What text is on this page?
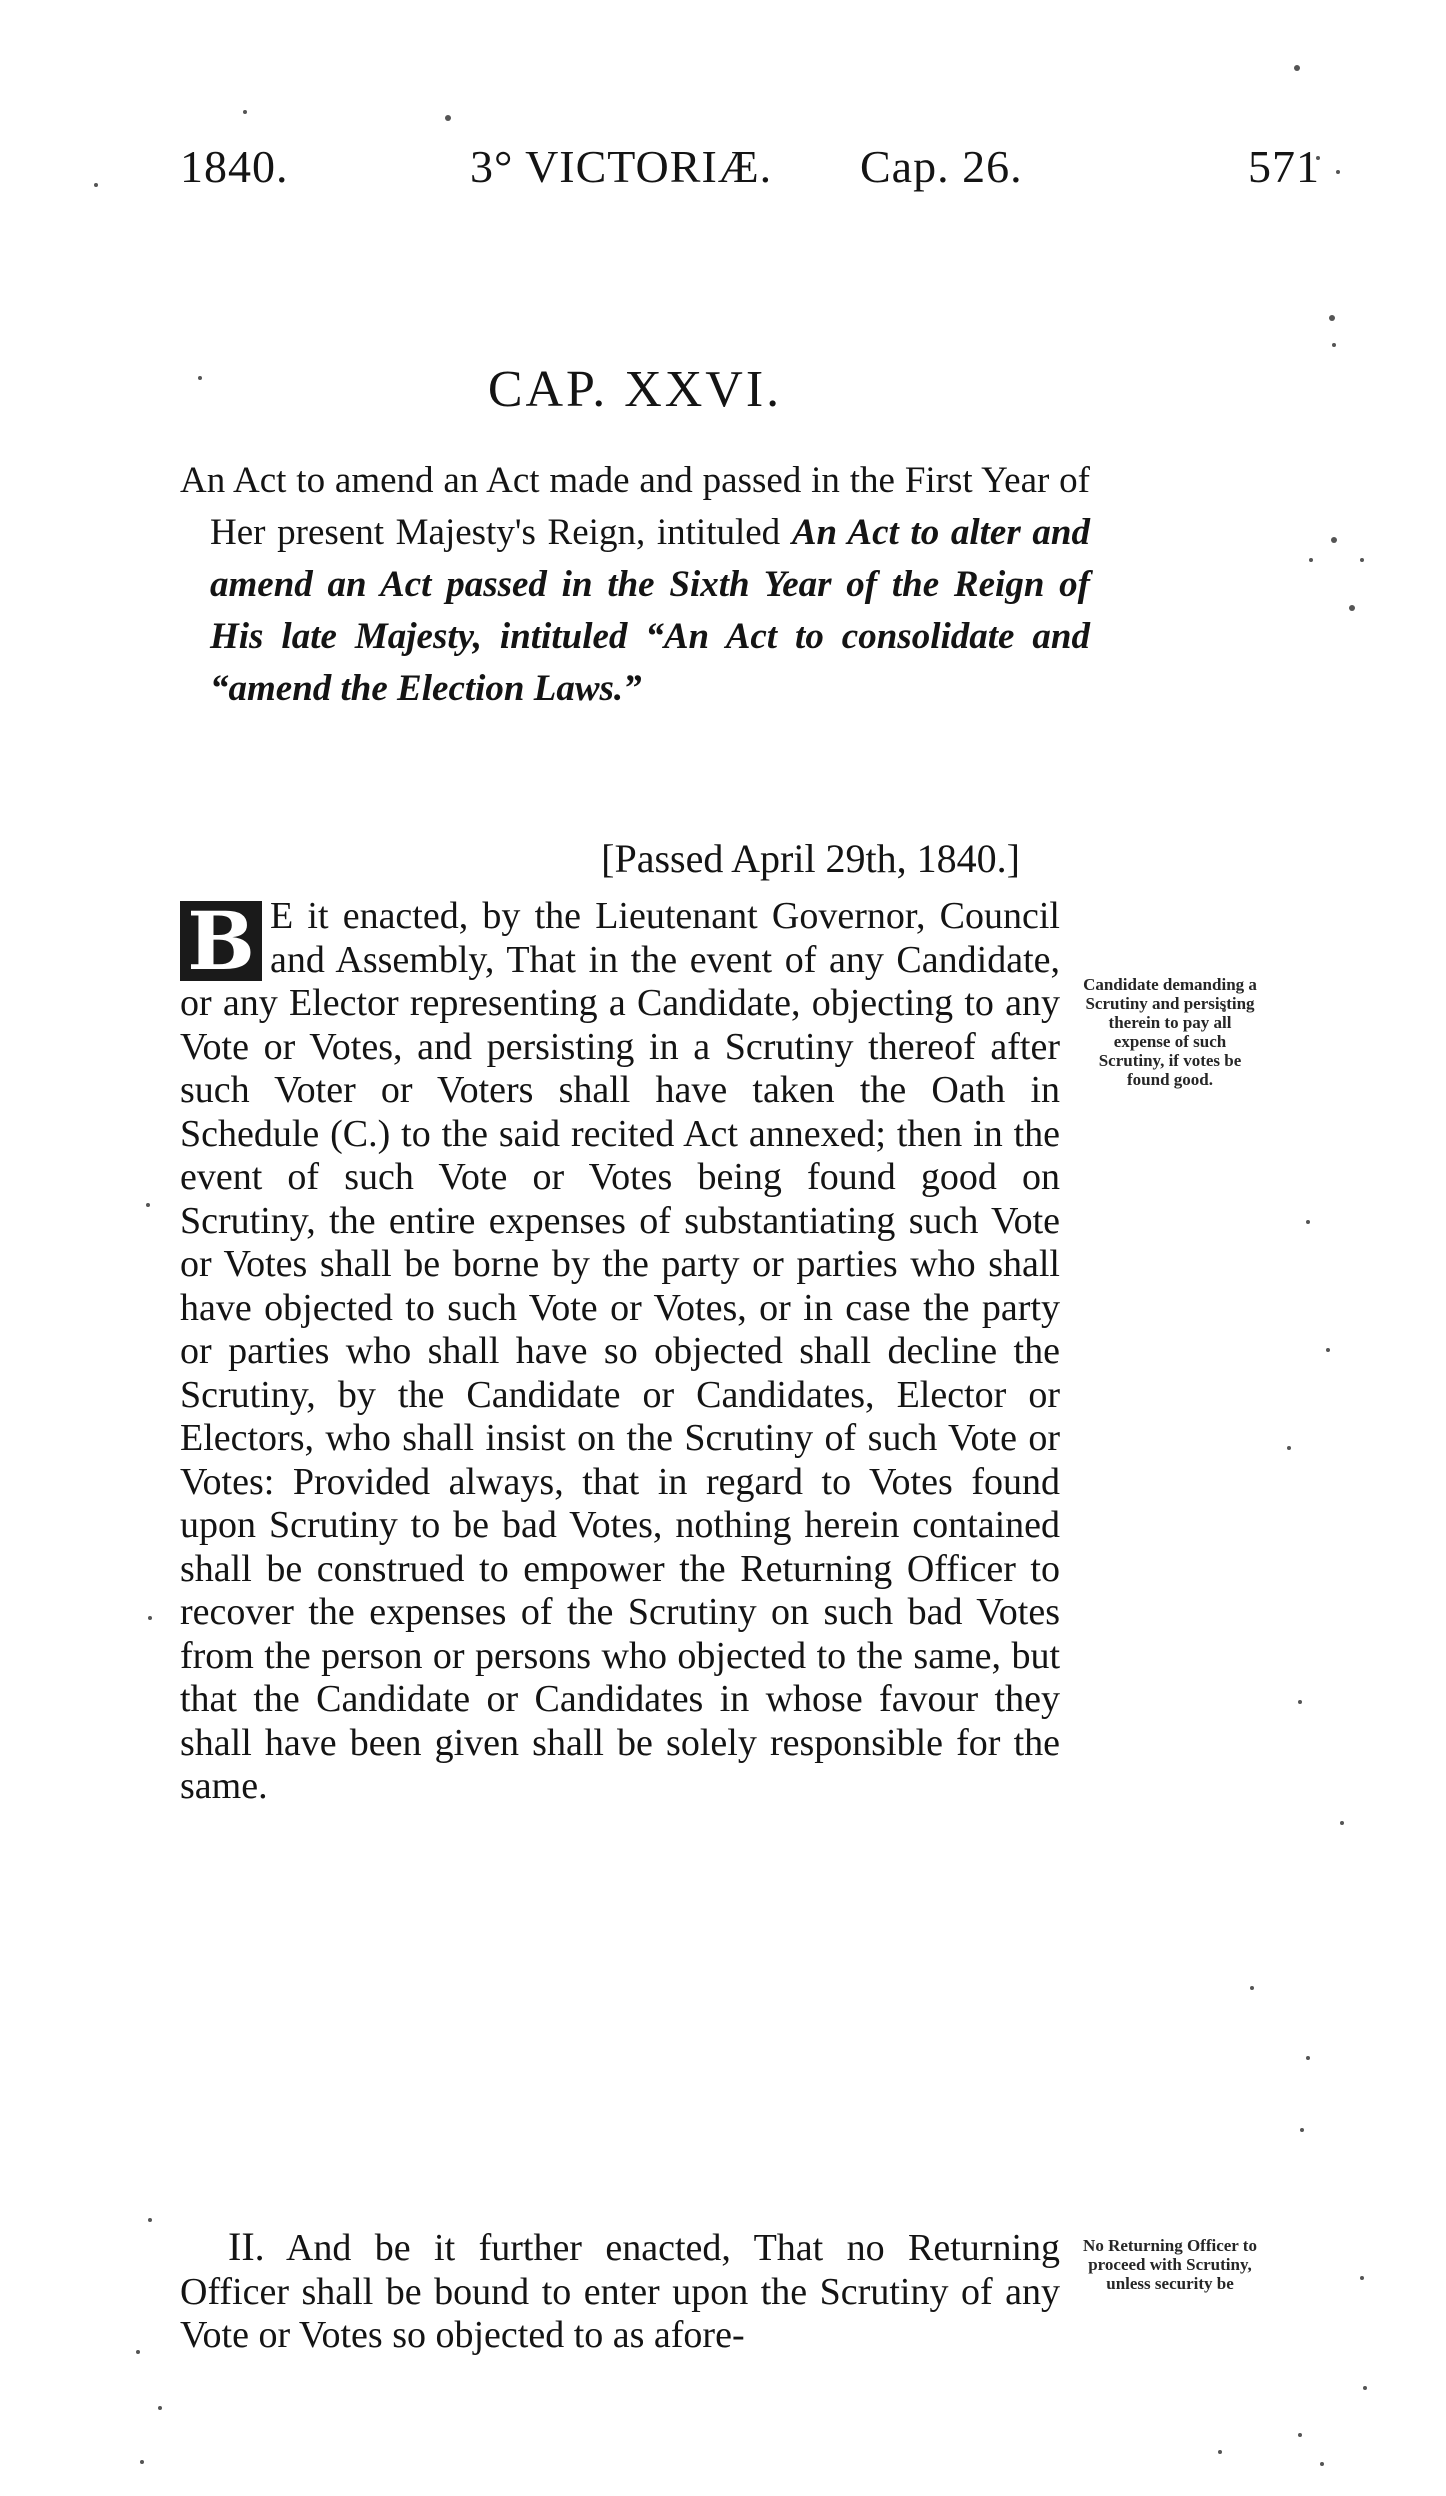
1840.	3° VICTORIÆ. Cap. 26.	571
CAP. XXVI.
An Act to amend an Act made and passed in the First Year of Her present Majesty's Reign, intituled An Act to alter and amend an Act passed in the Sixth Year of the Reign of His late Majesty, intituled “An Act to consolidate and “amend the Election Laws.”
[Passed April 29th, 1840.]
B E it enacted, by the Lieutenant Governor, Council and Assembly, That in the event of any Candidate, or any Elector representing a Candidate, objecting to any Vote or Votes, and persisting in a Scrutiny thereof after such Voter or Voters shall have taken the Oath in Schedule (C.) to the said recited Act annexed; then in the event of such Vote or Votes being found good on Scrutiny, the entire expenses of substantiating such Vote or Votes shall be borne by the party or parties who shall have objected to such Vote or Votes, or in case the party or parties who shall have so objected shall decline the Scrutiny, by the Candidate or Candidates, Elector or Electors, who shall insist on the Scrutiny of such Vote or Votes: Provided always, that in regard to Votes found upon Scrutiny to be bad Votes, nothing herein contained shall be construed to empower the Returning Officer to recover the expenses of the Scrutiny on such bad Votes from the person or persons who objected to the same, but that the Candidate or Candidates in whose favour they shall have been given shall be solely responsible for the same.
Candidate demanding a Scrutiny and persisting therein to pay all expense of such Scrutiny, if votes be found good.
II. And be it further enacted, That no Returning Officer shall be bound to enter upon the Scrutiny of any Vote or Votes so objected to as afore-
No Returning Officer to proceed with Scrutiny, unless security be
